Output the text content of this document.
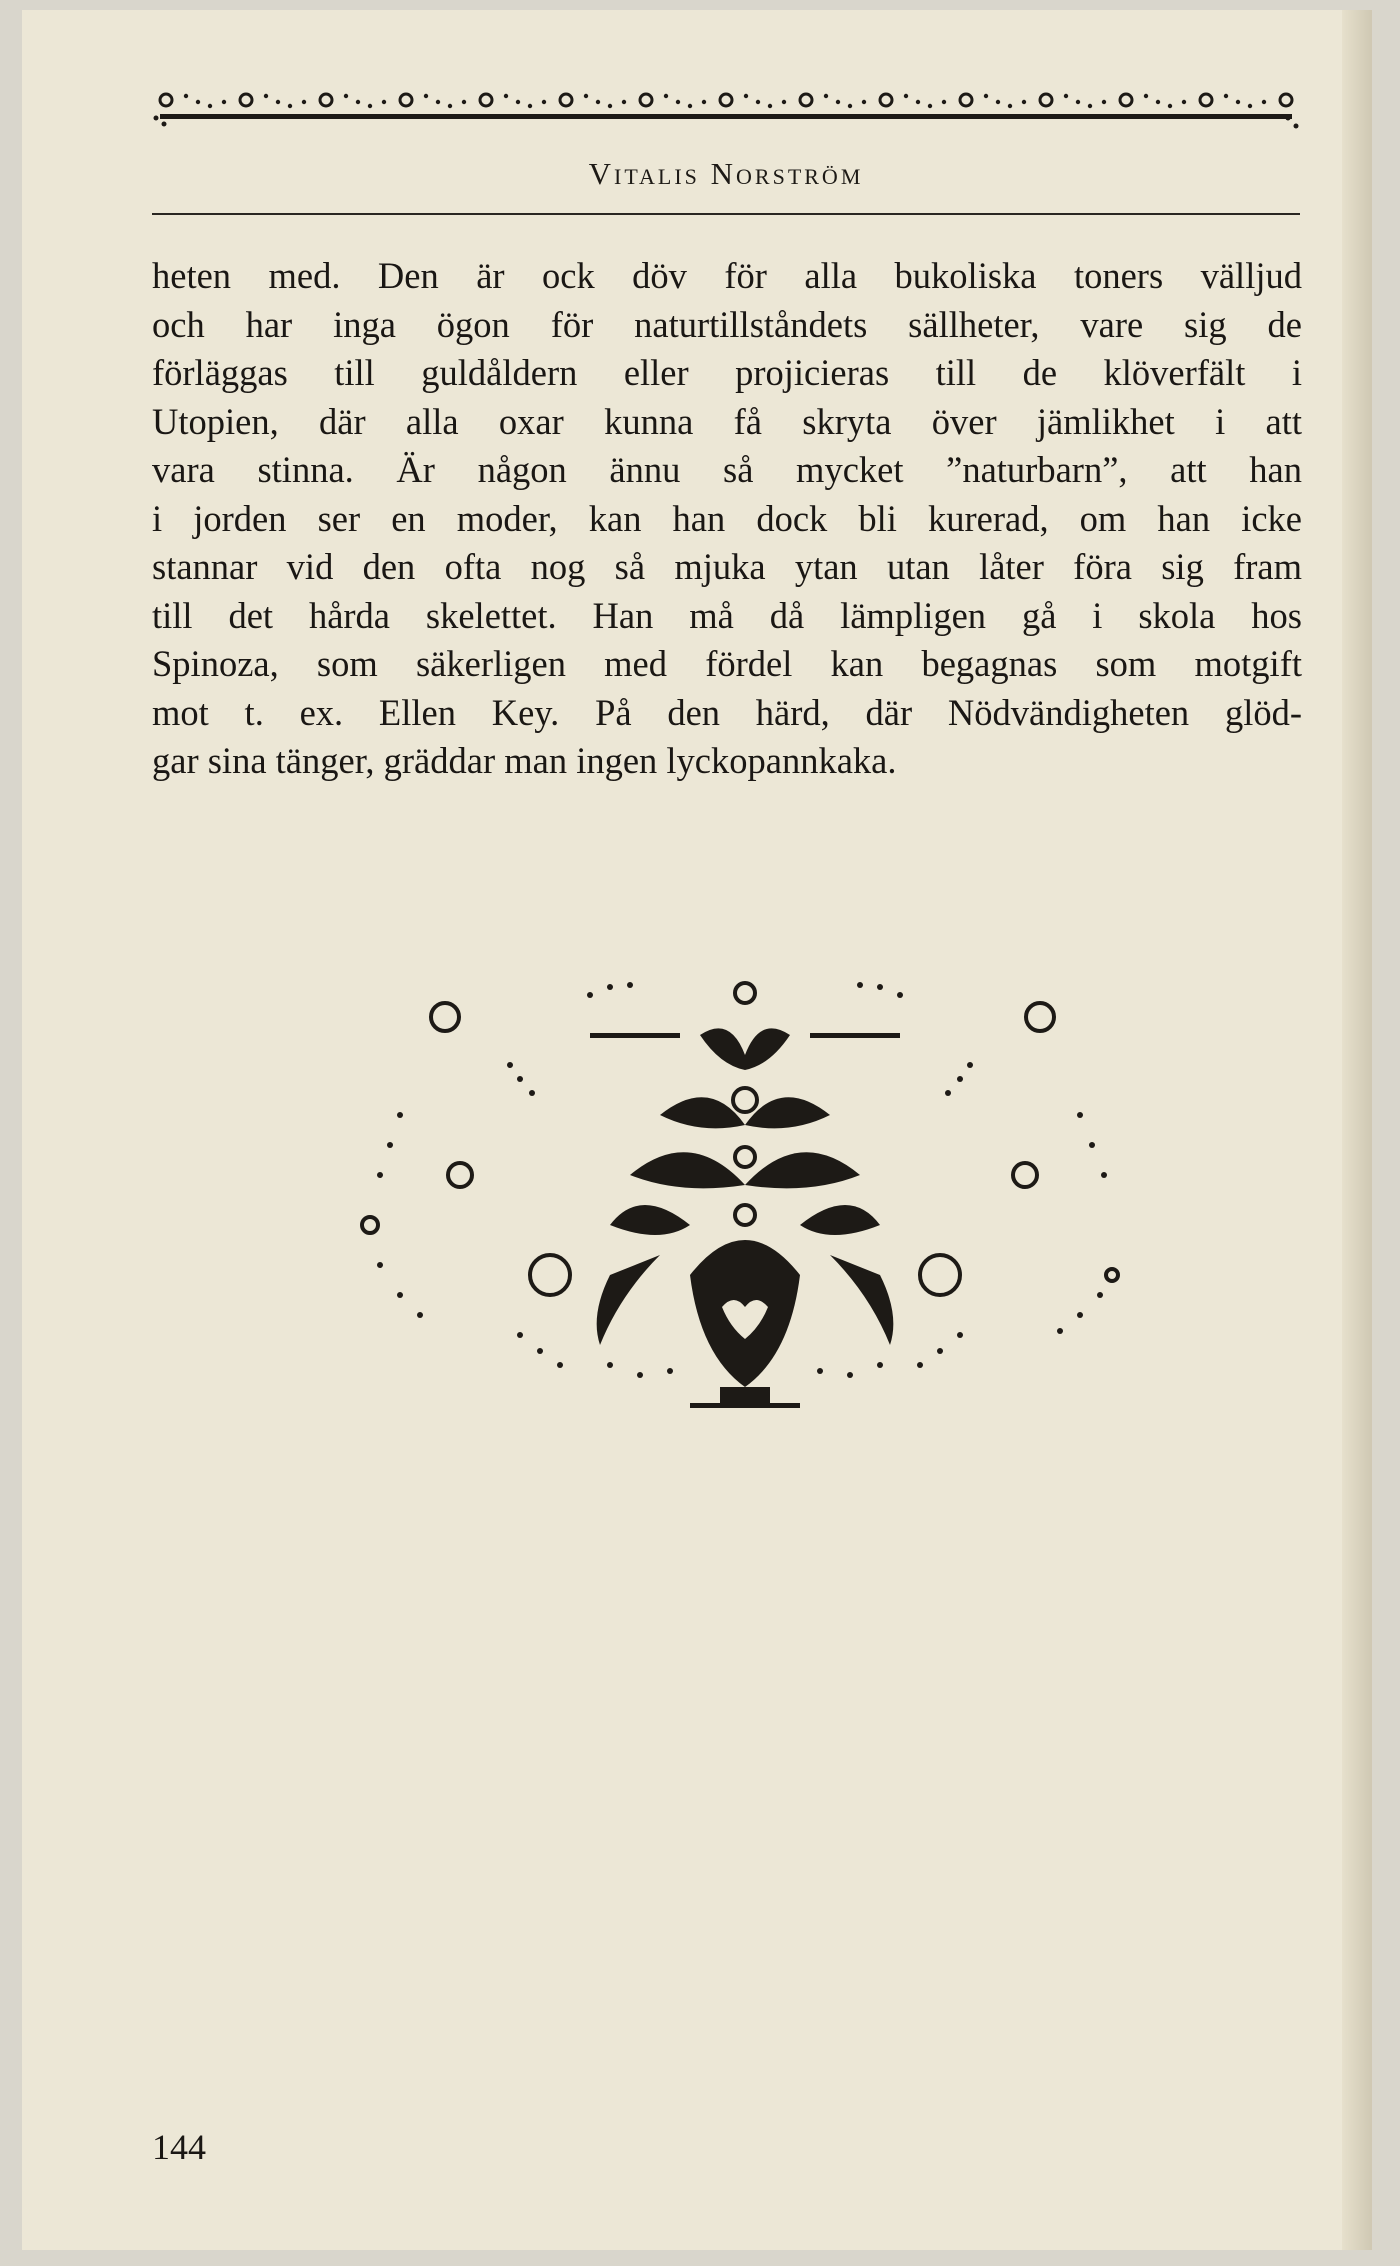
Vitalis Norström
heten med. Den är ock döv för alla bukoliska toners välljud
och har inga ögon för naturtillståndets sällheter, vare sig de
förläggas till guldåldern eller projicieras till de klöverfält i
Utopien, där alla oxar kunna få skryta över jämlikhet i att
vara stinna. Är någon ännu så mycket ”naturbarn”, att han
i jorden ser en moder, kan han dock bli kurerad, om han icke
stannar vid den ofta nog så mjuka ytan utan låter föra sig fram
till det hårda skelettet. Han må då lämpligen gå i skola hos
Spinoza, som säkerligen med fördel kan begagnas som motgift
mot t. ex. Ellen Key. På den härd, där Nödvändigheten glöd-
gar sina tänger, gräddar man ingen lyckopannkaka.
144
